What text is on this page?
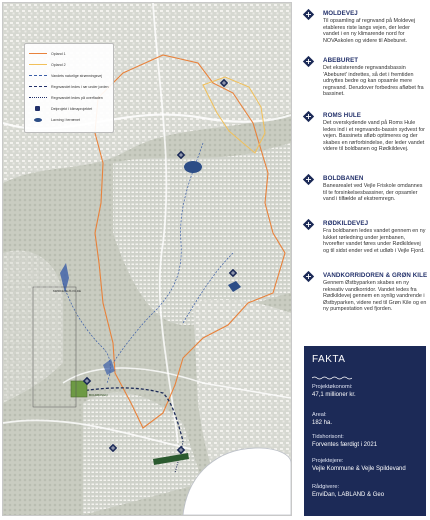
Opland 1
Opland 2
Vandets naturlige strømningsvej
Regnvandet ledes i rør under jorden
Regnvandet ledes på overfladen
Delprojekt i klimaprojektet
Lavning i terrænet
MØRKEVEJS KILDE
BOLDBANEN
MOLDEVEJ
Til opsamling af regnvand på Moldevej etableres riste langs vejen, der leder vandet i en ny klimarende nord for NOVAskolen og videre til Abeburet.
ABEBURET
Det eksisterende regnvandsbassin 'Abeburet' indrettes, så det i fremtiden udnyttes bedre og kan opsamle mere regnvand. Derudover forbedres afløbet fra bassinet.
ROMS HULE
Det overskydende vand på Roms Hule ledes ind i et regnvands-bassin sydvest for vejen. Bassinets afløb optimeres og der skabes en rørforbindelse, der leder vandet videre til boldbanen og Rødkildevej.
BOLDBANEN
Banearealet ved Vejle Friskole omdannes til te forsinkelsesbassiner, der opsamler vand i tilfælde af ekstremregn.
RØDKILDEVEJ
Fra boldbanen ledes vandet gennem en ny lukket rørledning under jernbanen, hvorefter vandet føres under Rødkildevej og til sidst ender ved et udløb i Vejle Fjord.
VANDKORRIDOREN & GRØN KILE
Gennem Østbyparken skabes en ny rekreativ vandkorridor. Vandet ledes fra Rødkildevej gennem en synlig vandrende i Østbyparken, videre ned til Grøn Kile og en ny pumpestation ved fjorden.
FAKTA
Projektøkonomi:
47,1 millioner kr.
Areal:
182 ha.
Tidshorisont:
Forventes færdigt i 2021
Projektejere:
Vejle Kommune & Vejle Spildevand
Rådgivere:
EnviDan, LABLAND & Geo
